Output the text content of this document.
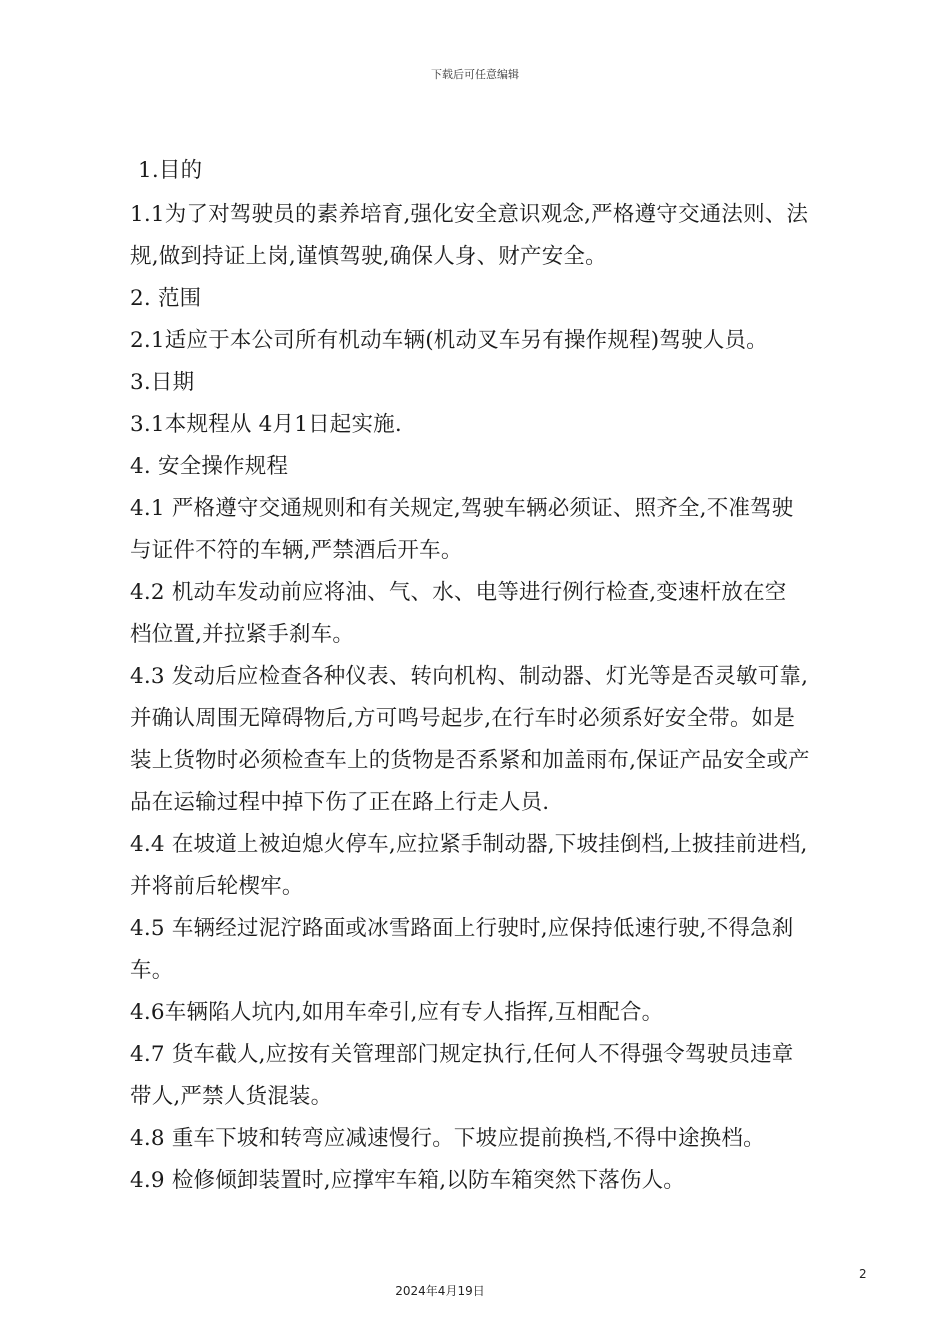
下载后可任意编辑
1.目的
1.1为了对驾驶员的素养培育,强化安全意识观念,严格遵守交通法则、法
规,做到持证上岗,谨慎驾驶,确保人身、财产安全。
2. 范围
2.1适应于本公司所有机动车辆(机动叉车另有操作规程)驾驶人员。
3.日期
3.1本规程从 4月1日起实施.
4. 安全操作规程
4.1 严格遵守交通规则和有关规定,驾驶车辆必须证、照齐全,不准驾驶
与证件不符的车辆,严禁酒后开车。
4.2 机动车发动前应将油、气、水、电等进行例行检查,变速杆放在空
档位置,并拉紧手刹车。
4.3 发动后应检查各种仪表、转向机构、制动器、灯光等是否灵敏可靠,
并确认周围无障碍物后,方可鸣号起步,在行车时必须系好安全带。如是
装上货物时必须检查车上的货物是否系紧和加盖雨布,保证产品安全或产
品在运输过程中掉下伤了正在路上行走人员.
4.4 在坡道上被迫熄火停车,应拉紧手制动器,下坡挂倒档,上披挂前进档,
并将前后轮楔牢。
4.5 车辆经过泥泞路面或冰雪路面上行驶时,应保持低速行驶,不得急刹
车。
4.6车辆陷人坑内,如用车牵引,应有专人指挥,互相配合。
4.7 货车截人,应按有关管理部门规定执行,任何人不得强令驾驶员违章
带人,严禁人货混装。
4.8 重车下坡和转弯应减速慢行。下坡应提前换档,不得中途换档。
4.9 检修倾卸装置时,应撑牢车箱,以防车箱突然下落伤人。
2
2024年4月19日
